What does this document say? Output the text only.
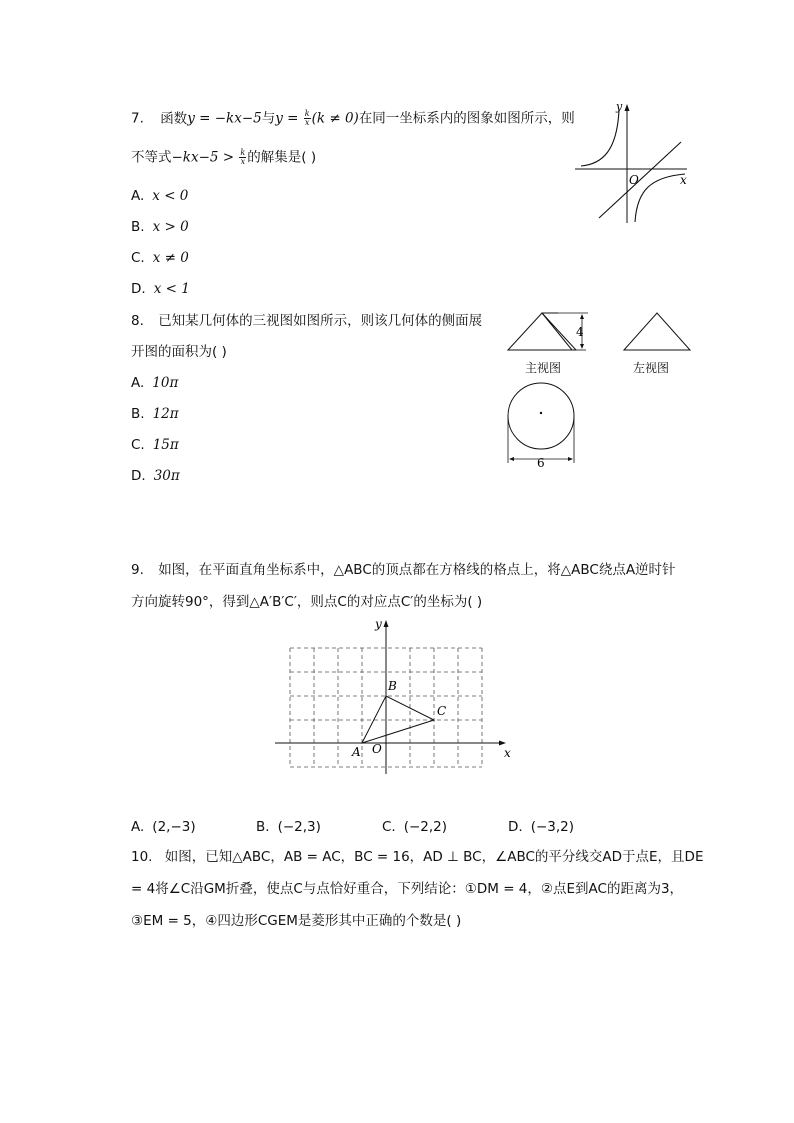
7. 函数y = −kx−5与$y = \frac{k}{x} (k \ne 0)$在同一坐标系内的图象如图所示，则
不等式$-kx-5 > \frac{k}{x}$ 的解集是( )
A. x < 0
B. x > 0
C. x ≠ 0
D. x < 1
y
x
O
8. 已知某几何体的三视图如图所示，则该几何体的侧面展
开图的面积为( )
A. 10π
B. 12π
C. 15π
D. 30π
4
6
主视图	左视图
9. 如图，在平面直角坐标系中，△ABC的顶点都在方格线的格点上，将△ABC绕点A逆时针
方向旋转90°，得到△A′B′C′，则点C的对应点C′的坐标为( )
y
x
O
A
B
C
A. (2,−3)	B. (−2,3)	C. (−2,2)	D. (−3,2)
10. 如图，已知△ABC，AB = AC，BC = 16，AD ⊥ BC，∠ABC的平分线交AD于点E，且DE
= 4将∠C沿GM折叠，使点C与点恰好重合，下列结论：①DM = 4，②点E到AC的距离为3，
③EM = 5，④四边形CGEM是菱形其中正确的个数是( )
